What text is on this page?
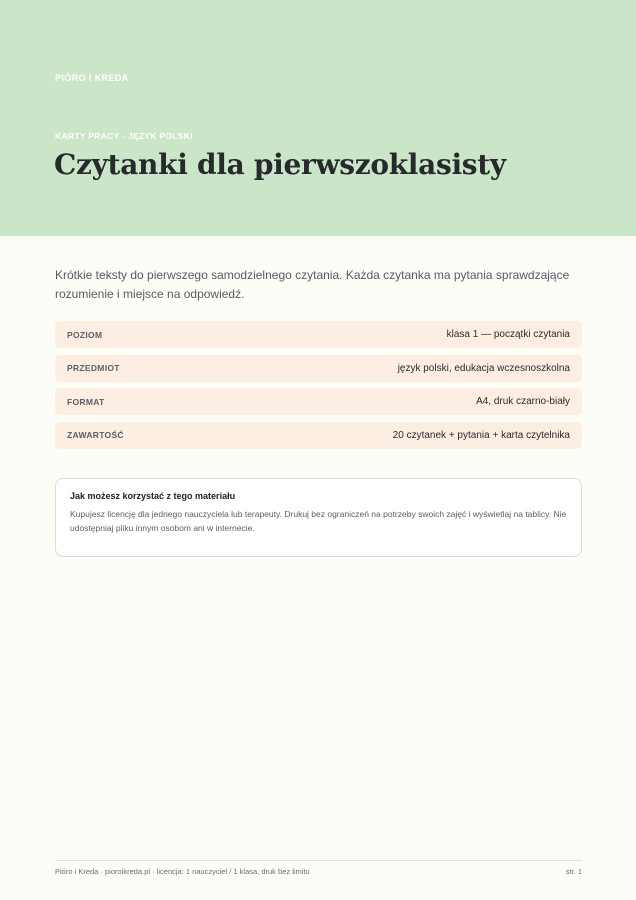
PIÓRO I KREDA
KARTY PRACY · JĘZYK POLSKI
Czytanki dla pierwszoklasisty

Krótkie teksty do pierwszego samodzielnego czytania. Każda czytanka ma pytania sprawdzające rozumienie i miejsce na odpowiedź.

POZIOM	klasa 1 — początki czytania
PRZEDMIOT	język polski, edukacja wczesnoszkolna
FORMAT	A4, druk czarno-biały
ZAWARTOŚĆ	20 czytanek + pytania + karta czytelnika

Jak możesz korzystać z tego materiału

Kupujesz licencję dla jednego nauczyciela lub terapeuty. Drukuj bez ograniczeń na potrzeby swoich zajęć i wyświetlaj na tablicy. Nie udostępniaj pliku innym osobom ani w internecie.

Pióro i Kreda · pioroikreda.pl · licencja: 1 nauczyciel / 1 klasa, druk bez limitu	str. 1
